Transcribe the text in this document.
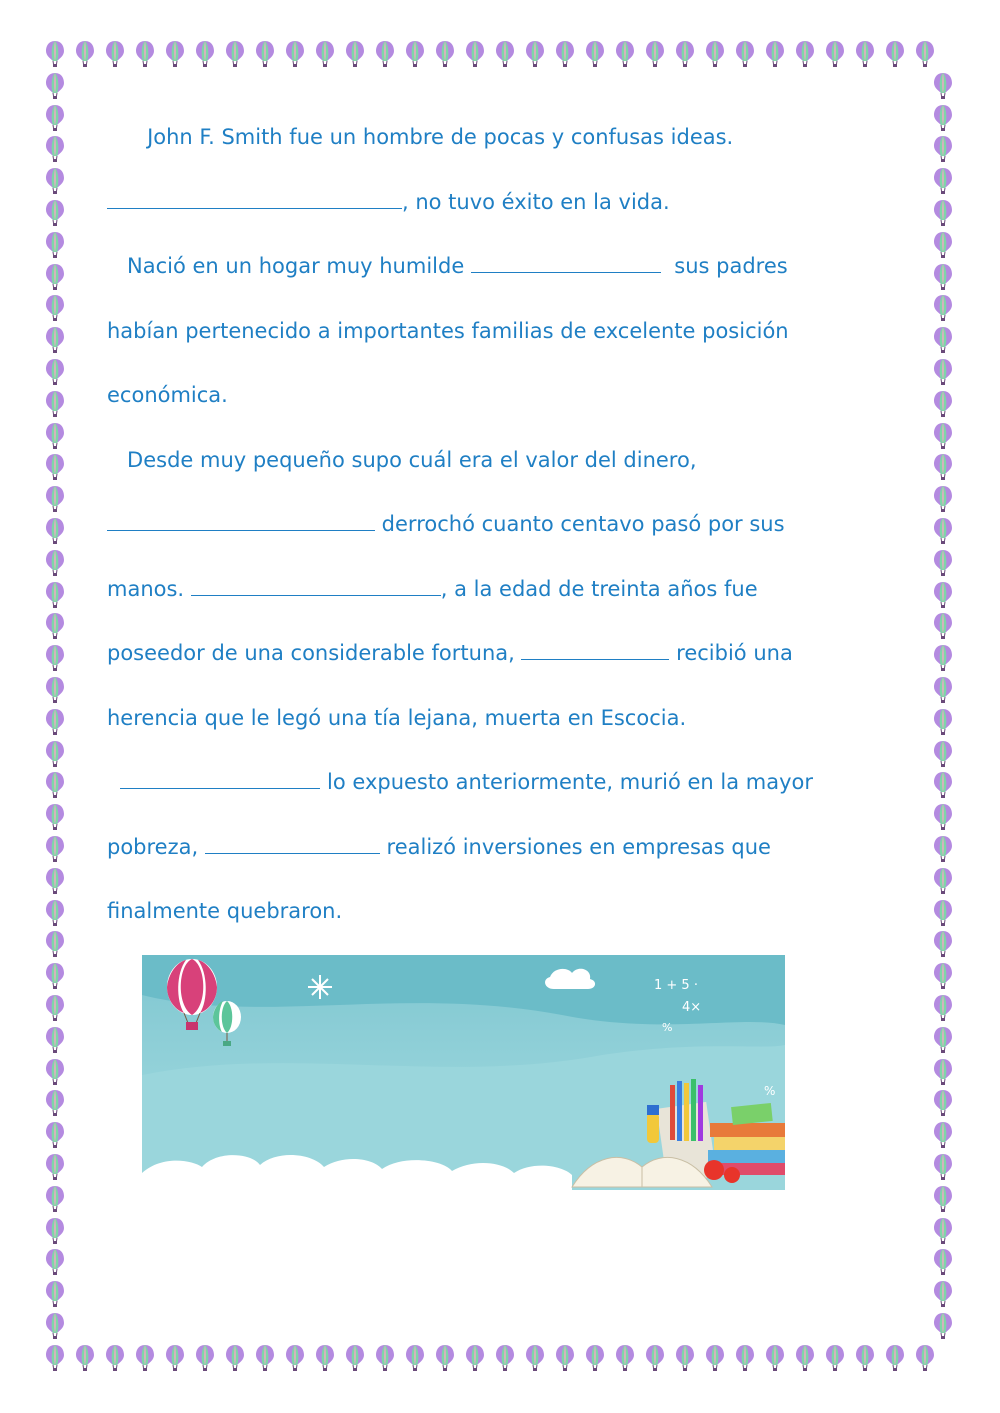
John F. Smith fue un hombre de pocas y confusas ideas.
, no tuvo éxito en la vida.
Nació en un hogar muy humilde	sus padres
habían pertenecido a importantes familias de excelente posición
económica.
Desde muy pequeño supo cuál era el valor del dinero,
derrochó cuanto centavo pasó por sus
manos.	, a la edad de treinta años fue
poseedor de una considerable fortuna,	recibió una
herencia que le legó una tía lejana, muerta en Escocia.
lo expuesto anteriormente, murió en la mayor
pobreza,	realizó inversiones en empresas que
finalmente quebraron.
1 + 5 ·
4×
%
%
